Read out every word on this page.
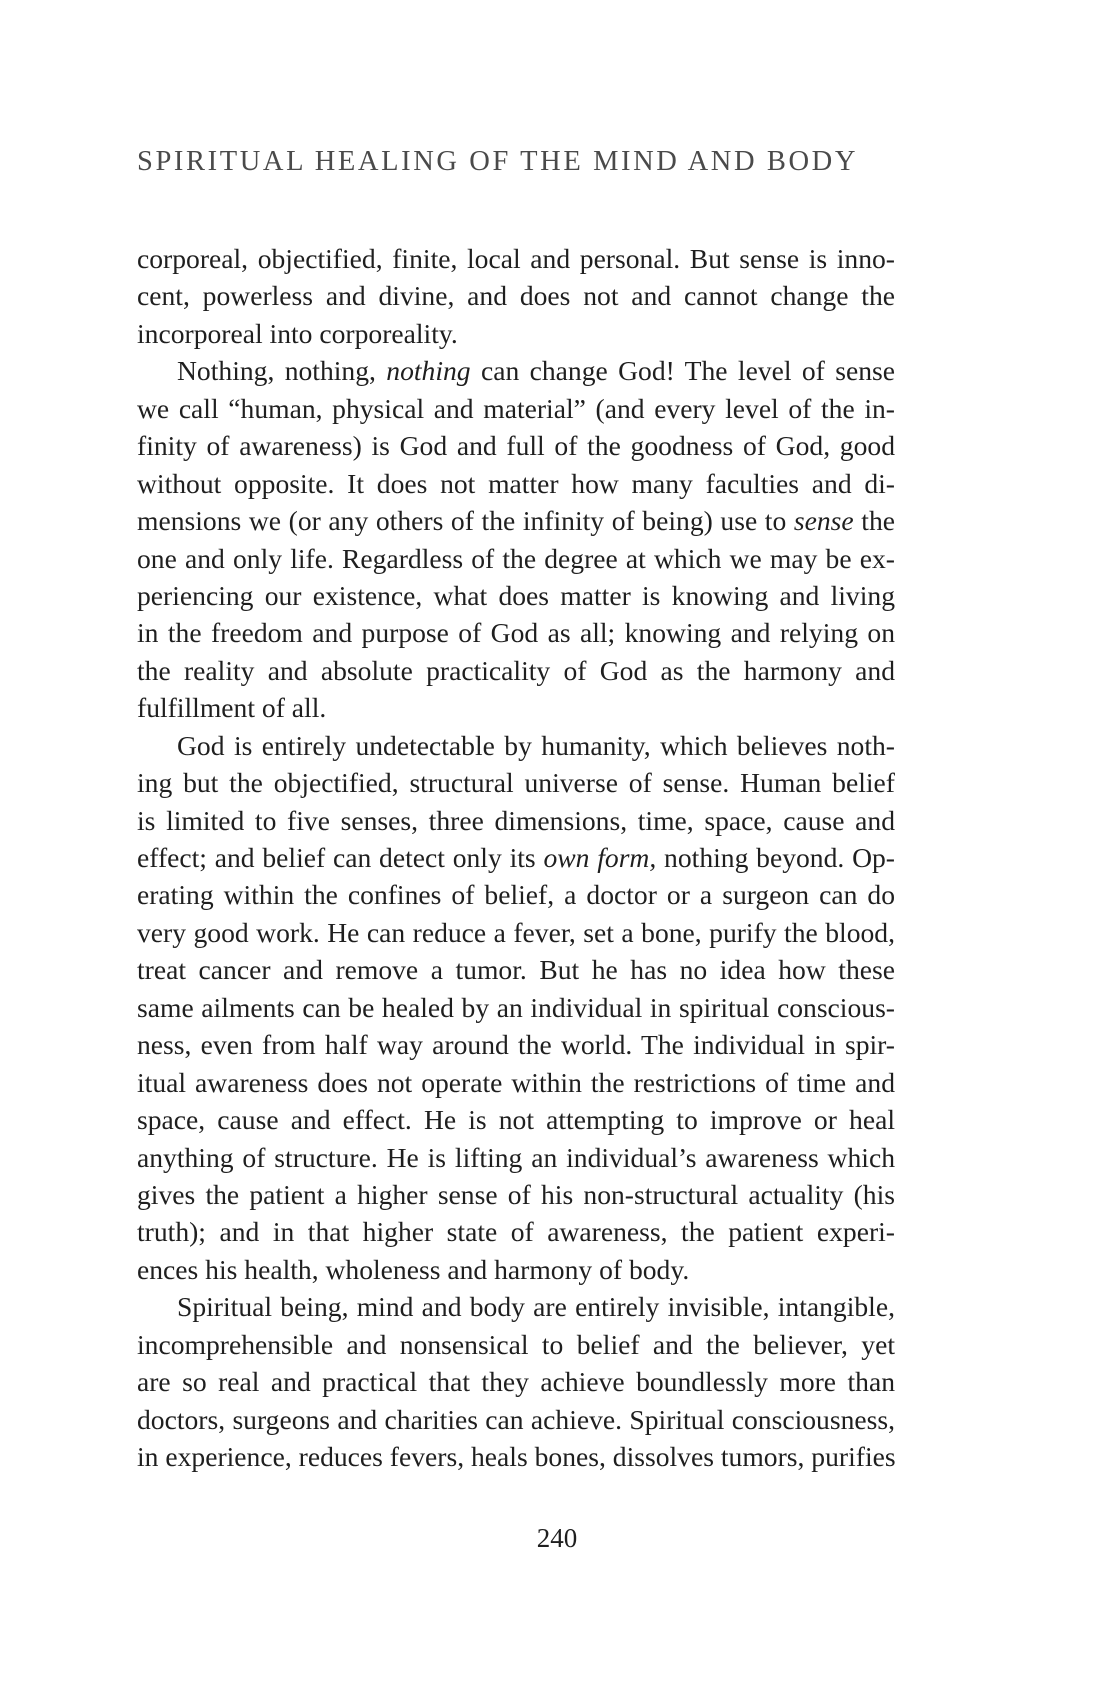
SPIRITUAL HEALING OF THE MIND AND BODY
corporeal, objectified, finite, local and personal. But sense is inno-
cent, powerless and divine, and does not and cannot change the
incorporeal into corporeality.
Nothing, nothing, nothing can change God! The level of sense
we call “human, physical and material” (and every level of the in-
finity of awareness) is God and full of the goodness of God, good
without opposite. It does not matter how many faculties and di-
mensions we (or any others of the infinity of being) use to sense the
one and only life. Regardless of the degree at which we may be ex-
periencing our existence, what does matter is knowing and living
in the freedom and purpose of God as all; knowing and relying on
the reality and absolute practicality of God as the harmony and
fulfillment of all.
God is entirely undetectable by humanity, which believes noth-
ing but the objectified, structural universe of sense. Human belief
is limited to five senses, three dimensions, time, space, cause and
effect; and belief can detect only its own form, nothing beyond. Op-
erating within the confines of belief, a doctor or a surgeon can do
very good work. He can reduce a fever, set a bone, purify the blood,
treat cancer and remove a tumor. But he has no idea how these
same ailments can be healed by an individual in spiritual conscious-
ness, even from half way around the world. The individual in spir-
itual awareness does not operate within the restrictions of time and
space, cause and effect. He is not attempting to improve or heal
anything of structure. He is lifting an individual’s awareness which
gives the patient a higher sense of his non-structural actuality (his
truth); and in that higher state of awareness, the patient experi-
ences his health, wholeness and harmony of body.
Spiritual being, mind and body are entirely invisible, intangible,
incomprehensible and nonsensical to belief and the believer, yet
are so real and practical that they achieve boundlessly more than
doctors, surgeons and charities can achieve. Spiritual consciousness,
in experience, reduces fevers, heals bones, dissolves tumors, purifies
240
